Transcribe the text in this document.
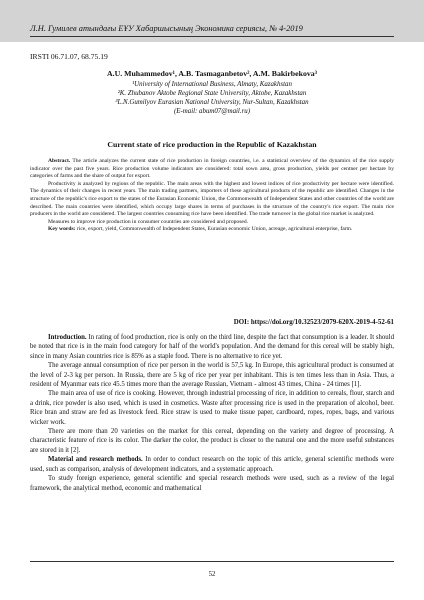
Л.Н. Гумилев атындағы ЕҰУ Хабаршысының Экономика сериясы, № 4-2019
IRSTI 06.71.07, 68.75.19
A.U. Muhammedov¹, A.B. Tasmaganbetov², A.M. Bakirbekova³
¹University of International Business, Almaty, Kazakhstan
²K. Zhubanov Aktobe Regional State University, Aktobe, Kazakhstan
³L.N.Gumilyov Eurasian National University, Nur-Sultan, Kazakhstan
(E-mail: abum07@mail.ru)
Current state of rice production in the Republic of Kazakhstan

Abstract. The article analyzes the current state of rice production in foreign countries, i.e. a statistical overview of the dynamics of the rice supply indicator over the past five years. Rice production volume indicators are considered: total sown area, gross production, yields per centner per hectare by categories of farms and the share of output for export.

Productivity is analyzed by regions of the republic. The main areas with the highest and lowest indices of rice productivity per hectare were identified. The dynamics of their changes in recent years. The main trading partners, importers of these agricultural products of the republic are identified. Changes in the structure of the republic's rice export to the states of the Eurasian Economic Union, the Commonwealth of Independent States and other countries of the world are described. The main countries were identified, which occupy large shares in terms of purchases in the structure of the country's rice export. The main rice producers in the world are considered. The largest countries consuming rice have been identified. The trade turnover in the global rice market is analyzed.

Measures to improve rice production in consumer countries are considered and proposed.

Key words: rice, export, yield, Commonwealth of Independent States, Eurasian economic Union, acreage, agricultural enterprise, farm.

DOI: https://doi.org/10.32523/2079-620X-2019-4-52-61

Introduction. In rating of food production, rice is only on the third line, despite the fact that consumption is a leader. It should be noted that rice is in the main food category for half of the world's population. And the demand for this cereal will be stably high, since in many Asian countries rice is 85% as a staple food. There is no alternative to rice yet.

The average annual consumption of rice per person in the world is 57,5 kg. In Europe, this agricultural product is consumed at the level of 2-3 kg per person. In Russia, there are 5 kg of rice per year per inhabitant. This is ten times less than in Asia. Thus, a resident of Myanmar eats rice 45.5 times more than the average Russian, Vietnam - almost 43 times, China - 24 times [1].

The main area of use of rice is cooking. However, through industrial processing of rice, in addition to cereals, flour, starch and a drink, rice powder is also used, which is used in cosmetics. Waste after processing rice is used in the preparation of alcohol, beer. Rice bran and straw are fed as livestock feed. Rice straw is used to make tissue paper, cardboard, ropes, ropes, bags, and various wicker work.

There are more than 20 varieties on the market for this cereal, depending on the variety and degree of processing. A characteristic feature of rice is its color. The darker the color, the product is closer to the natural one and the more useful substances are stored in it [2].

Material and research methods. In order to conduct research on the topic of this article, general scientific methods were used, such as comparison, analysis of development indicators, and a systematic approach.

To study foreign experience, general scientific and special research methods were used, such as a review of the legal framework, the analytical method, economic and mathematical

52
